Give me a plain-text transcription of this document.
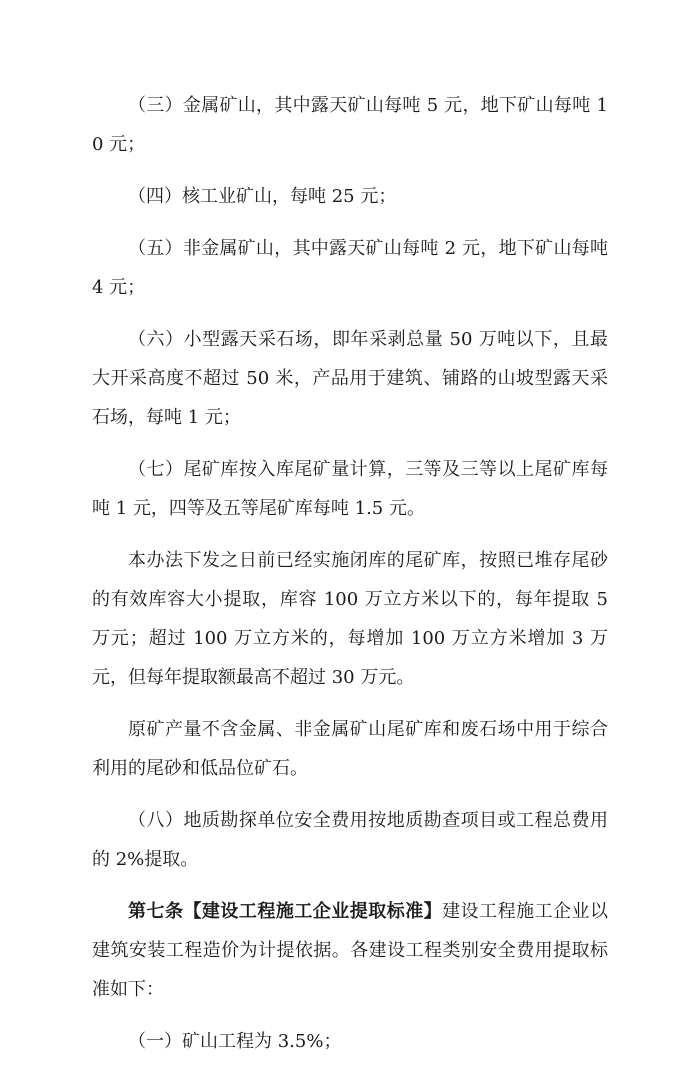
（三）金属矿山，其中露天矿山每吨 5 元，地下矿山每吨 10 元；

（四）核工业矿山，每吨 25 元；

（五）非金属矿山，其中露天矿山每吨 2 元，地下矿山每吨 4 元；

（六）小型露天采石场，即年采剥总量 50 万吨以下，且最大开采高度不超过 50 米，产品用于建筑、铺路的山坡型露天采石场，每吨 1 元；

（七）尾矿库按入库尾矿量计算，三等及三等以上尾矿库每吨 1 元，四等及五等尾矿库每吨 1.5 元。

本办法下发之日前已经实施闭库的尾矿库，按照已堆存尾砂的有效库容大小提取，库容 100 万立方米以下的，每年提取 5 万元；超过 100 万立方米的，每增加 100 万立方米增加 3 万元，但每年提取额最高不超过 30 万元。

原矿产量不含金属、非金属矿山尾矿库和废石场中用于综合利用的尾砂和低品位矿石。

（八）地质勘探单位安全费用按地质勘查项目或工程总费用的 2%提取。

第七条【建设工程施工企业提取标准】建设工程施工企业以建筑安装工程造价为计提依据。各建设工程类别安全费用提取标准如下：

（一）矿山工程为 3.5%；
